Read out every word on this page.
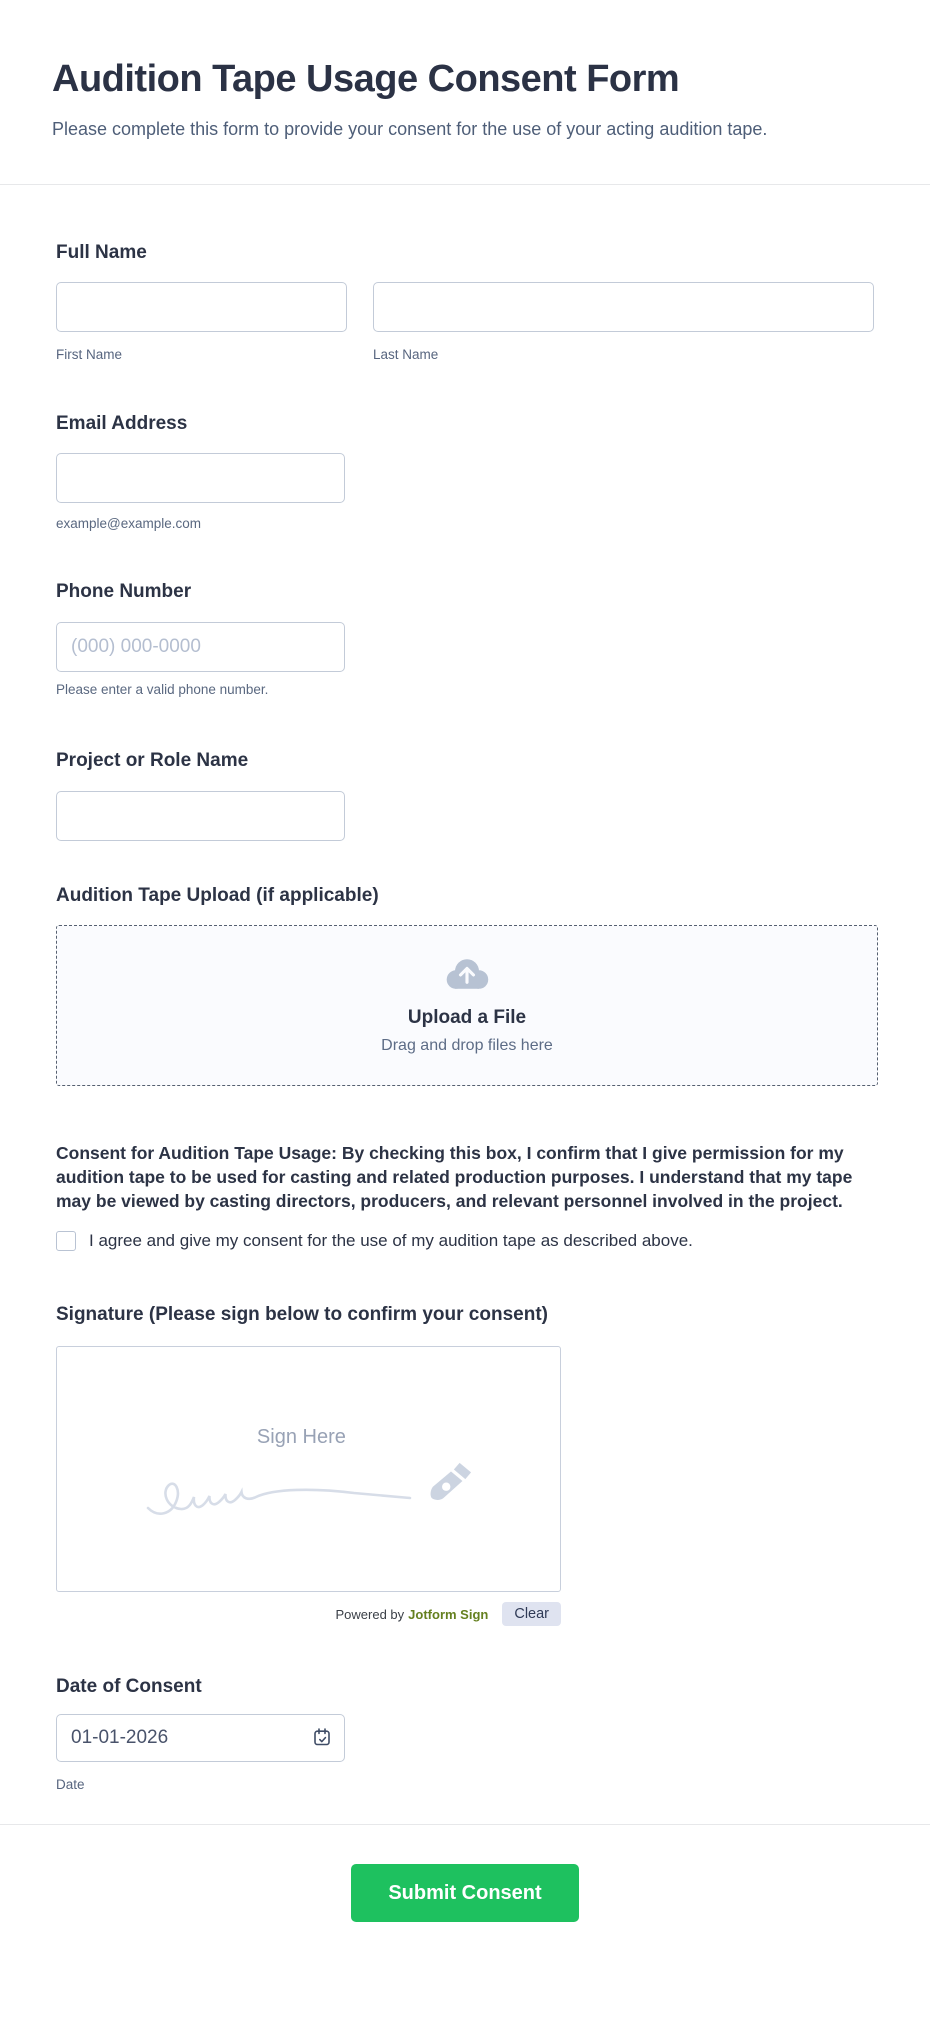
Audition Tape Usage Consent Form

Please complete this form to provide your consent for the use of your acting audition tape.

Full Name
First Name	Last Name
Email Address
example@example.com
Phone Number
(000) 000-0000
Please enter a valid phone number.
Project or Role Name
Audition Tape Upload (if applicable)
Upload a File
Drag and drop files here

Consent for Audition Tape Usage: By checking this box, I confirm that I give permission for my audition tape to be used for casting and related production purposes. I understand that my tape may be viewed by casting directors, producers, and relevant personnel involved in the project.

I agree and give my consent for the use of my audition tape as described above.
Signature (Please sign below to confirm your consent)
Sign Here
Powered by Jotform Sign	Clear
Date of Consent
01-01-2026
Date
Submit Consent
